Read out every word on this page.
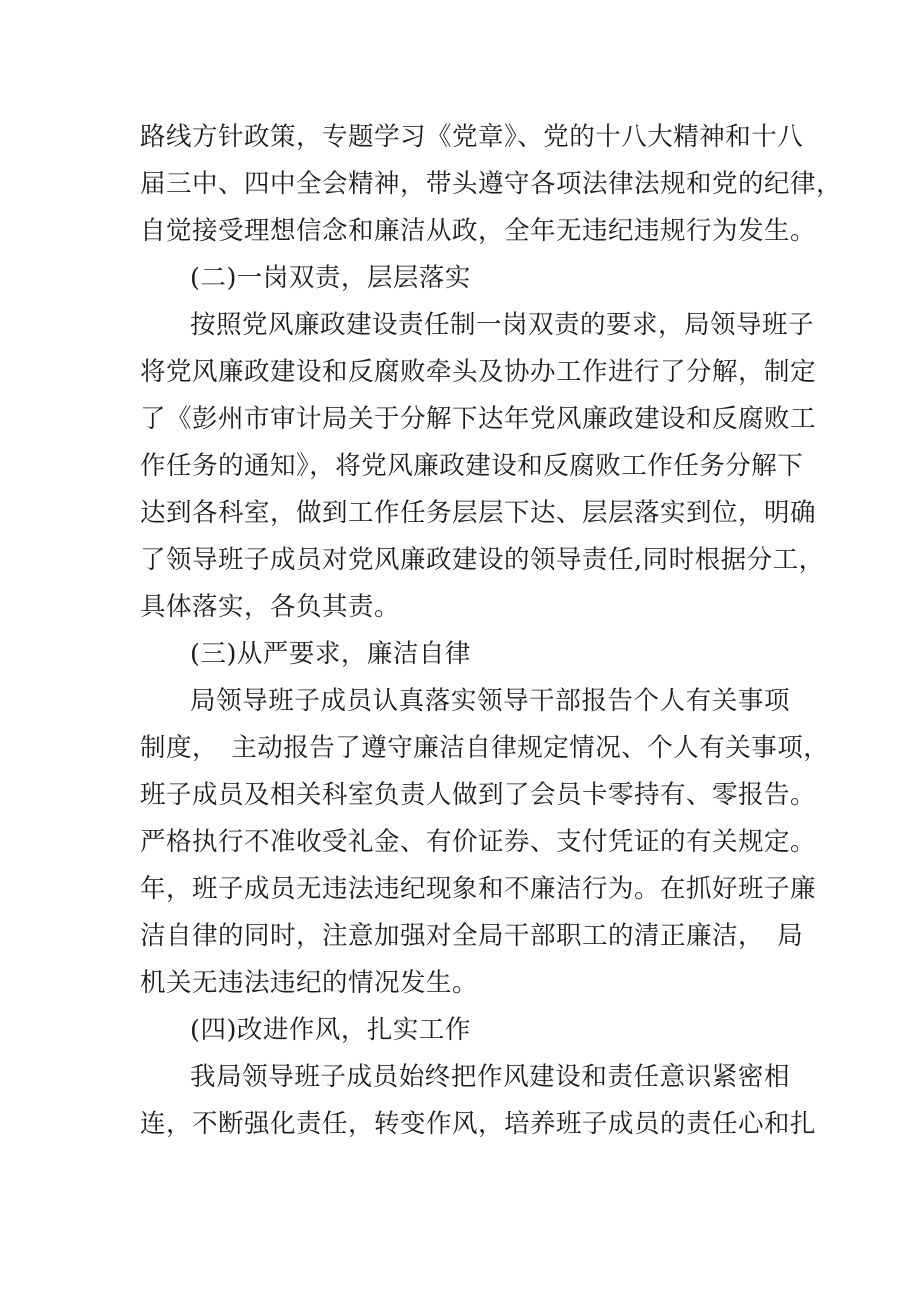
路线方针政策，专题学习《党章》、党的十八大精神和十八
届三中、四中全会精神，带头遵守各项法律法规和党的纪律，
自觉接受理想信念和廉洁从政，全年无违纪违规行为发生。
(二)一岗双责，层层落实
按照党风廉政建设责任制一岗双责的要求，局领导班子
将党风廉政建设和反腐败牵头及协办工作进行了分解，制定
了《彭州市审计局关于分解下达年党风廉政建设和反腐败工
作任务的通知》，将党风廉政建设和反腐败工作任务分解下
达到各科室，做到工作任务层层下达、层层落实到位，明确
了领导班子成员对党风廉政建设的领导责任,同时根据分工，
具体落实，各负其责。
(三)从严要求，廉洁自律
局领导班子成员认真落实领导干部报告个人有关事项
制度，　主动报告了遵守廉洁自律规定情况、个人有关事项，
班子成员及相关科室负责人做到了会员卡零持有、零报告。
严格执行不准收受礼金、有价证券、支付凭证的有关规定。
年，班子成员无违法违纪现象和不廉洁行为。在抓好班子廉
洁自律的同时，注意加强对全局干部职工的清正廉洁，　局
机关无违法违纪的情况发生。
(四)改进作风，扎实工作
我局领导班子成员始终把作风建设和责任意识紧密相
连，不断强化责任，转变作风，培养班子成员的责任心和扎
